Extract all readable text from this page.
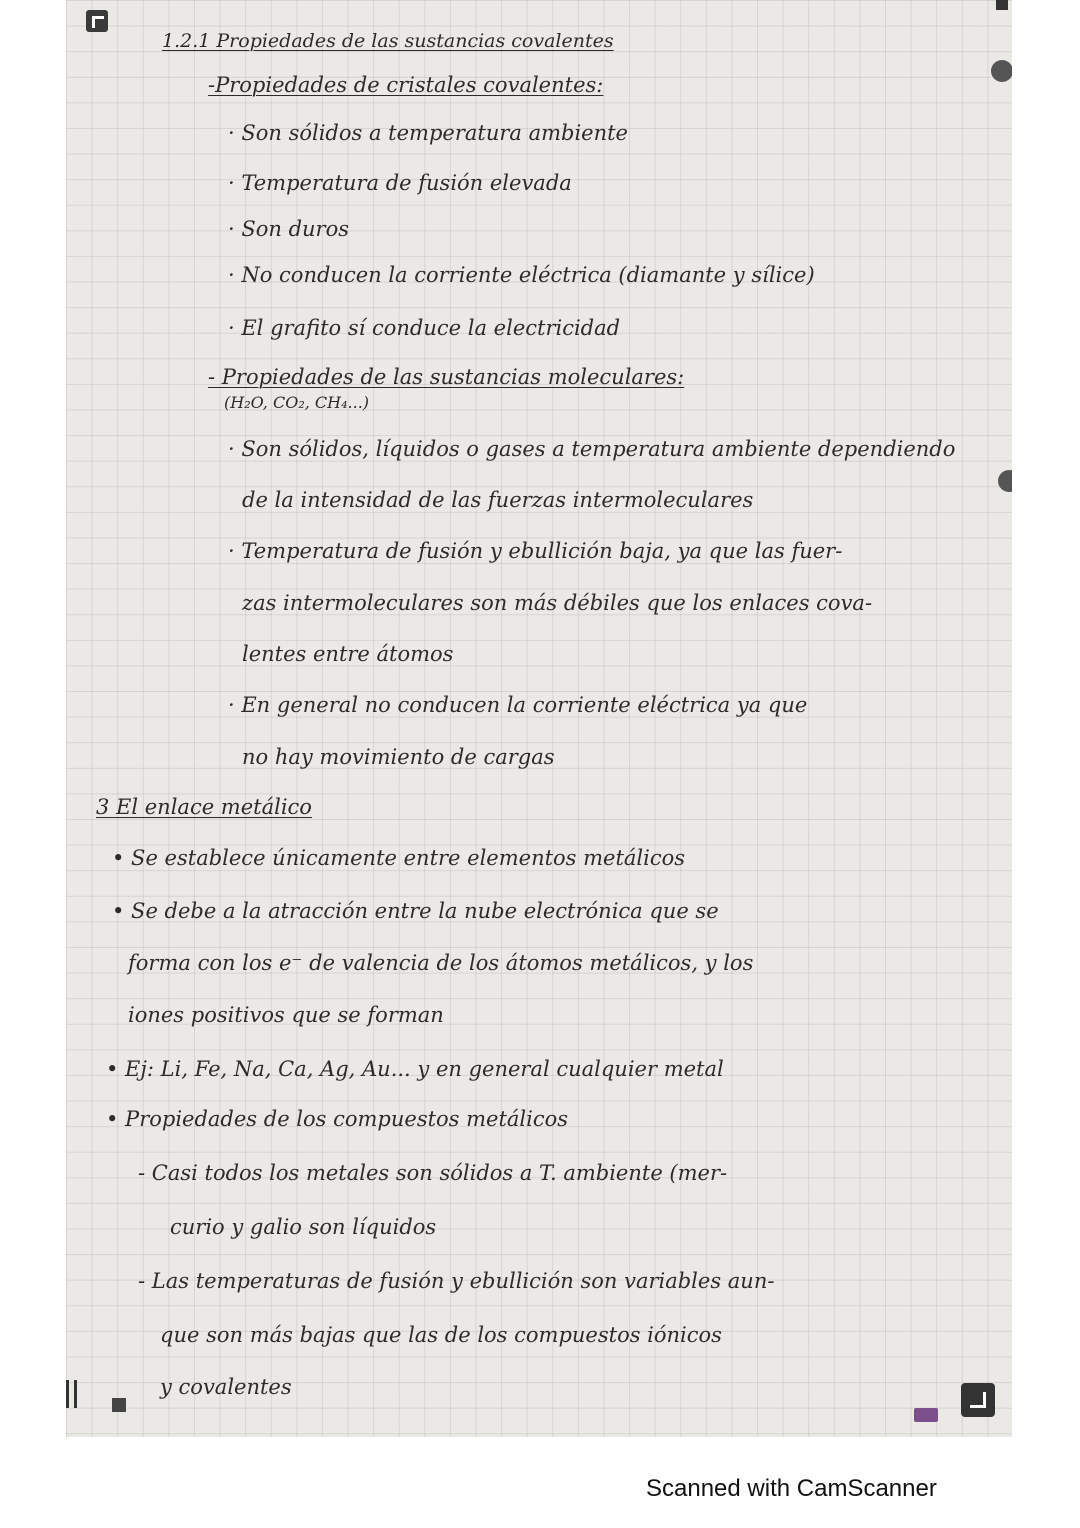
1.2.1 Propiedades de las sustancias covalentes
-Propiedades de cristales covalentes:
· Son sólidos a temperatura ambiente
· Temperatura de fusión elevada
· Son duros
· No conducen la corriente eléctrica (diamante y sílice)
· El grafito sí conduce la electricidad
- Propiedades de las sustancias moleculares:
(H₂O, CO₂, CH₄...)
· Son sólidos, líquidos o gases a temperatura ambiente dependiendo
de la intensidad de las fuerzas intermoleculares
· Temperatura de fusión y ebullición baja, ya que las fuer-
zas intermoleculares son más débiles que los enlaces cova-
lentes entre átomos
· En general no conducen la corriente eléctrica ya que
no hay movimiento de cargas
3 El enlace metálico
• Se establece únicamente entre elementos metálicos
• Se debe a la atracción entre la nube electrónica que se
forma con los e⁻ de valencia de los átomos metálicos, y los
iones positivos que se forman
• Ej: Li, Fe, Na, Ca, Ag, Au... y en general cualquier metal
• Propiedades de los compuestos metálicos
- Casi todos los metales son sólidos a T. ambiente (mer-
curio y galio son líquidos
- Las temperaturas de fusión y ebullición son variables aun-
que son más bajas que las de los compuestos iónicos
y covalentes
Scanned with CamScanner
